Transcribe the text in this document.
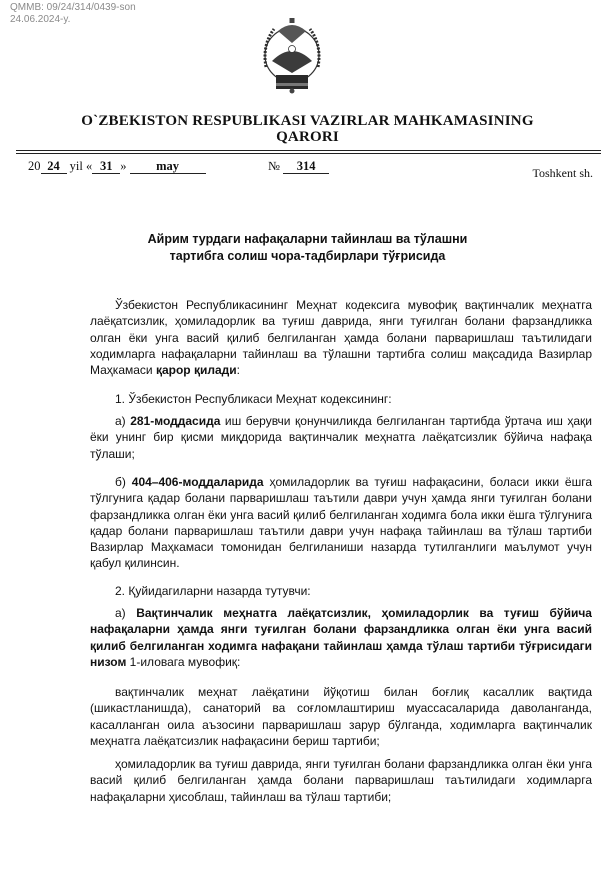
QMMB: 09/24/314/0439-son
24.06.2024-y.
O`ZBEKISTON RESPUBLIKASI VAZIRLAR MAHKAMASINING
QARORI
20 24 yil « 31 » may	№ 314	Toshkent sh.
Айрим турдаги нафақаларни тайинлаш ва тўлашни
тартибга солиш чора-тадбирлари тўғрисида
Ўзбекистон Республикасининг Меҳнат кодексига мувофиқ вақтинчалик меҳнатга лаёқатсизлик, ҳомиладорлик ва туғиш даврида, янги туғилган болани фарзандликка олган ёки унга васий қилиб белгиланган ҳамда болани парваришлаш таътилидаги ходимларга нафақаларни тайинлаш ва тўлашни тартибга солиш мақсадида Вазирлар Маҳкамаси қарор қилади:
1. Ўзбекистон Республикаси Меҳнат кодексининг:
а) 281-моддасида иш берувчи қонунчиликда белгиланган тартибда ўртача иш ҳақи ёки унинг бир қисми миқдорида вақтинчалик меҳнатга лаёқатсизлик бўйича нафақа тўлаши;
б) 404–406-моддаларида ҳомиладорлик ва туғиш нафақасини, боласи икки ёшга тўлгунига қадар болани парваришлаш таътили даври учун ҳамда янги туғилган болани фарзандликка олган ёки унга васий қилиб белгиланган ходимга бола икки ёшга тўлгунига қадар болани парваришлаш таътили даври учун нафақа тайинлаш ва тўлаш тартиби Вазирлар Маҳкамаси томонидан белгиланиши назарда тутилганлиги маълумот учун қабул қилинсин.
2. Қуйидагиларни назарда тутувчи:
а) Вақтинчалик меҳнатга лаёқатсизлик, ҳомиладорлик ва туғиш бўйича нафақаларни ҳамда янги туғилган болани фарзандликка олган ёки унга васий қилиб белгиланган ходимга нафақани тайинлаш ҳамда тўлаш тартиби тўғрисидаги низом 1-иловага мувофиқ:
вақтинчалик меҳнат лаёқатини йўқотиш билан боғлиқ касаллик вақтида (шикастланишда), санаторий ва соғломлаштириш муассасаларида даволанганда, касалланган оила аъзосини парваришлаш зарур бўлганда, ходимларга вақтинчалик меҳнатга лаёқатсизлик нафақасини бериш тартиби;
ҳомиладорлик ва туғиш даврида, янги туғилган болани фарзандликка олган ёки унга васий қилиб белгиланган ҳамда болани парваришлаш таътилидаги ходимларга нафақаларни ҳисоблаш, тайинлаш ва тўлаш тартиби;
